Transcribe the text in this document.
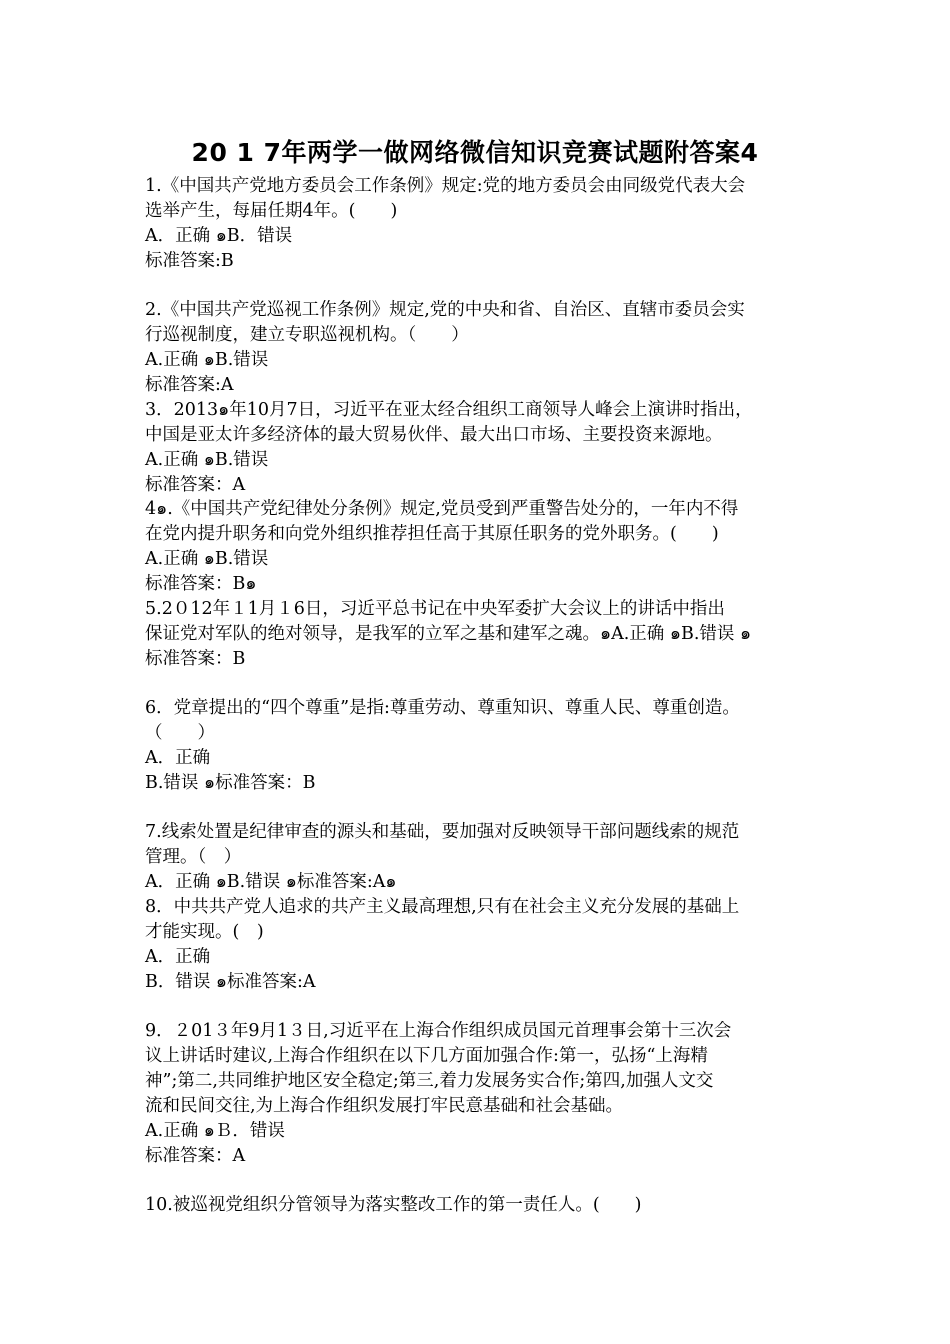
20 1 7年两学一做网络微信知识竞赛试题附答案4
1.《中国共产党地方委员会工作条例》规定:党的地方委员会由同级党代表大会
选举产生，每届任期4年。(　　)
A．正确 ๑B．错误
标准答案:B
2.《中国共产党巡视工作条例》规定,党的中央和省、自治区、直辖市委员会实
行巡视制度，建立专职巡视机构。（　　）
A.正确 ๑B.错误
标准答案:A
3．2013๑年10月7日，习近平在亚太经合组织工商领导人峰会上演讲时指出，
中国是亚太许多经济体的最大贸易伙伴、最大出口市场、主要投资来源地。
A.正确 ๑B.错误
标准答案：A
4๑.《中国共产党纪律处分条例》规定,党员受到严重警告处分的，一年内不得
在党内提升职务和向党外组织推荐担任高于其原任职务的党外职务。(　　)
A.正确 ๑B.错误
标准答案：B๑
5.2０12年１1月１6日，习近平总书记在中央军委扩大会议上的讲话中指出
保证党对军队的绝对领导，是我军的立军之基和建军之魂。๑A.正确 ๑B.错误 ๑
标准答案：B
6．党章提出的“四个尊重”是指:尊重劳动、尊重知识、尊重人民、尊重创造。
（　　）
A．正确
B.错误 ๑标准答案：B
7.线索处置是纪律审查的源头和基础，要加强对反映领导干部问题线索的规范
管理。（　）
A．正确 ๑B.错误 ๑标准答案:A๑
8．中共共产党人追求的共产主义最高理想,只有在社会主义充分发展的基础上
才能实现。(　)
A．正确
B．错误 ๑标准答案:A
9．２01３年9月1３日,习近平在上海合作组织成员国元首理事会第十三次会
议上讲话时建议,上海合作组织在以下几方面加强合作:第一，弘扬“上海精
神”;第二,共同维护地区安全稳定;第三,着力发展务实合作;第四,加强人文交
流和民间交往,为上海合作组织发展打牢民意基础和社会基础。
A.正确 ๑Ｂ．错误
标准答案：A
10.被巡视党组织分管领导为落实整改工作的第一责任人。(　　)
